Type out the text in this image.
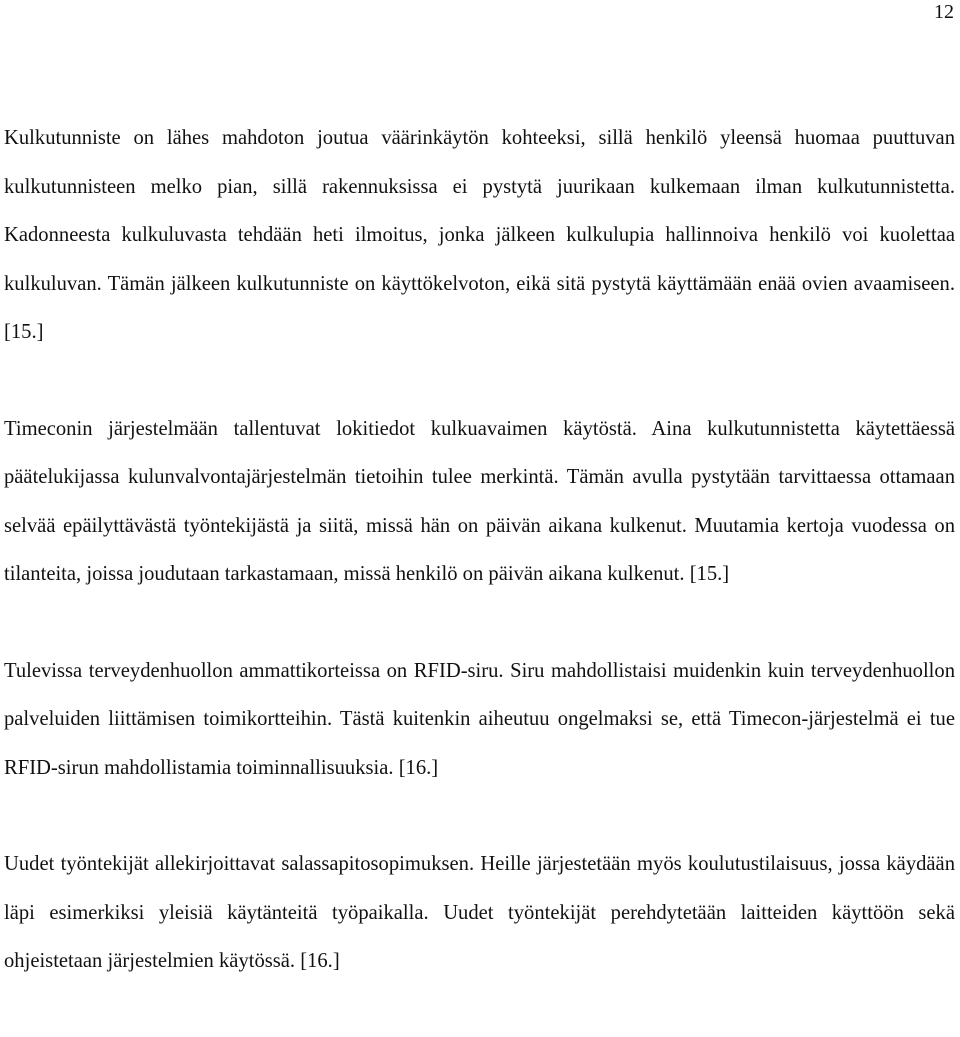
12

Kulkutunniste on lähes mahdoton joutua väärinkäytön kohteeksi, sillä henkilö yleensä huomaa puuttuvan kulkutunnisteen melko pian, sillä rakennuksissa ei pystytä juurikaan kulkemaan ilman kulkutunnistetta. Kadonneesta kulkuluvasta tehdään heti ilmoitus, jonka jälkeen kulkulupia hallinnoiva henkilö voi kuolettaa kulkuluvan. Tämän jälkeen kulkutunniste on käyttökelvoton, eikä sitä pystytä käyttämään enää ovien avaamiseen. [15.]

Timeconin järjestelmään tallentuvat lokitiedot kulkuavaimen käytöstä. Aina kulkutunnistetta käytettäessä päätelukijassa kulunvalvontajärjestelmän tietoihin tulee merkintä. Tämän avulla pystytään tarvittaessa ottamaan selvää epäilyttävästä työntekijästä ja siitä, missä hän on päivän aikana kulkenut. Muutamia kertoja vuodessa on tilanteita, joissa joudutaan tarkastamaan, missä henkilö on päivän aikana kulkenut. [15.]

Tulevissa terveydenhuollon ammattikorteissa on RFID-siru. Siru mahdollistaisi muidenkin kuin terveydenhuollon palveluiden liittämisen toimikortteihin. Tästä kuitenkin aiheutuu ongelmaksi se, että Timecon-järjestelmä ei tue RFID-sirun mahdollistamia toiminnallisuuksia. [16.]

Uudet työntekijät allekirjoittavat salassapitosopimuksen. Heille järjestetään myös koulutustilaisuus, jossa käydään läpi esimerkiksi yleisiä käytänteitä työpaikalla. Uudet työntekijät perehdytetään laitteiden käyttöön sekä ohjeistetaan järjestelmien käytössä. [16.]
